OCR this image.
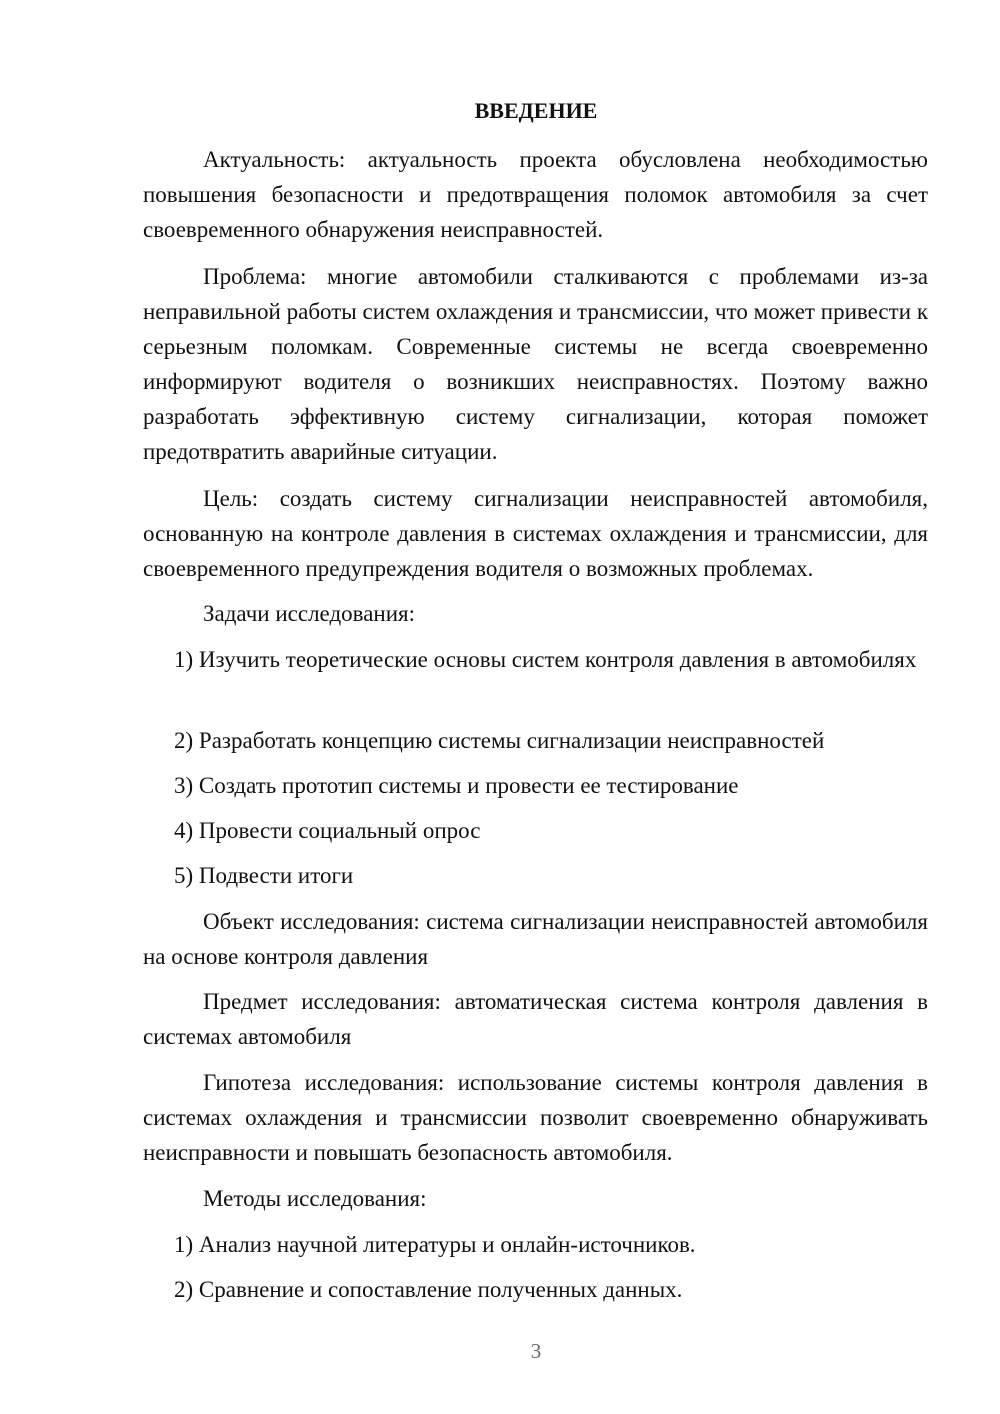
ВВЕДЕНИЕ

Актуальность: актуальность проекта обусловлена необходимостью повышения безопасности и предотвращения поломок автомобиля за счет своевременного обнаружения неисправностей.

Проблема: многие автомобили сталкиваются с проблемами из-за неправильной работы систем охлаждения и трансмиссии, что может привести к серьезным поломкам. Современные системы не всегда своевременно информируют водителя о возникших неисправностях. Поэтому важно разработать эффективную систему сигнализации, которая поможет предотвратить аварийные ситуации.

Цель: создать систему сигнализации неисправностей автомобиля, основанную на контроле давления в системах охлаждения и трансмиссии, для своевременного предупреждения водителя о возможных проблемах.

Задачи исследования:

1) Изучить теоретические основы систем контроля давления в автомобилях

2) Разработать концепцию системы сигнализации неисправностей

3) Создать прототип системы и провести ее тестирование

4) Провести социальный опрос

5) Подвести итоги

Объект исследования: система сигнализации неисправностей автомобиля на основе контроля давления

Предмет исследования: автоматическая система контроля давления в системах автомобиля

Гипотеза исследования: использование системы контроля давления в системах охлаждения и трансмиссии позволит своевременно обнаруживать неисправности и повышать безопасность автомобиля.

Методы исследования:

1) Анализ научной литературы и онлайн-источников.

2) Сравнение и сопоставление полученных данных.

3
